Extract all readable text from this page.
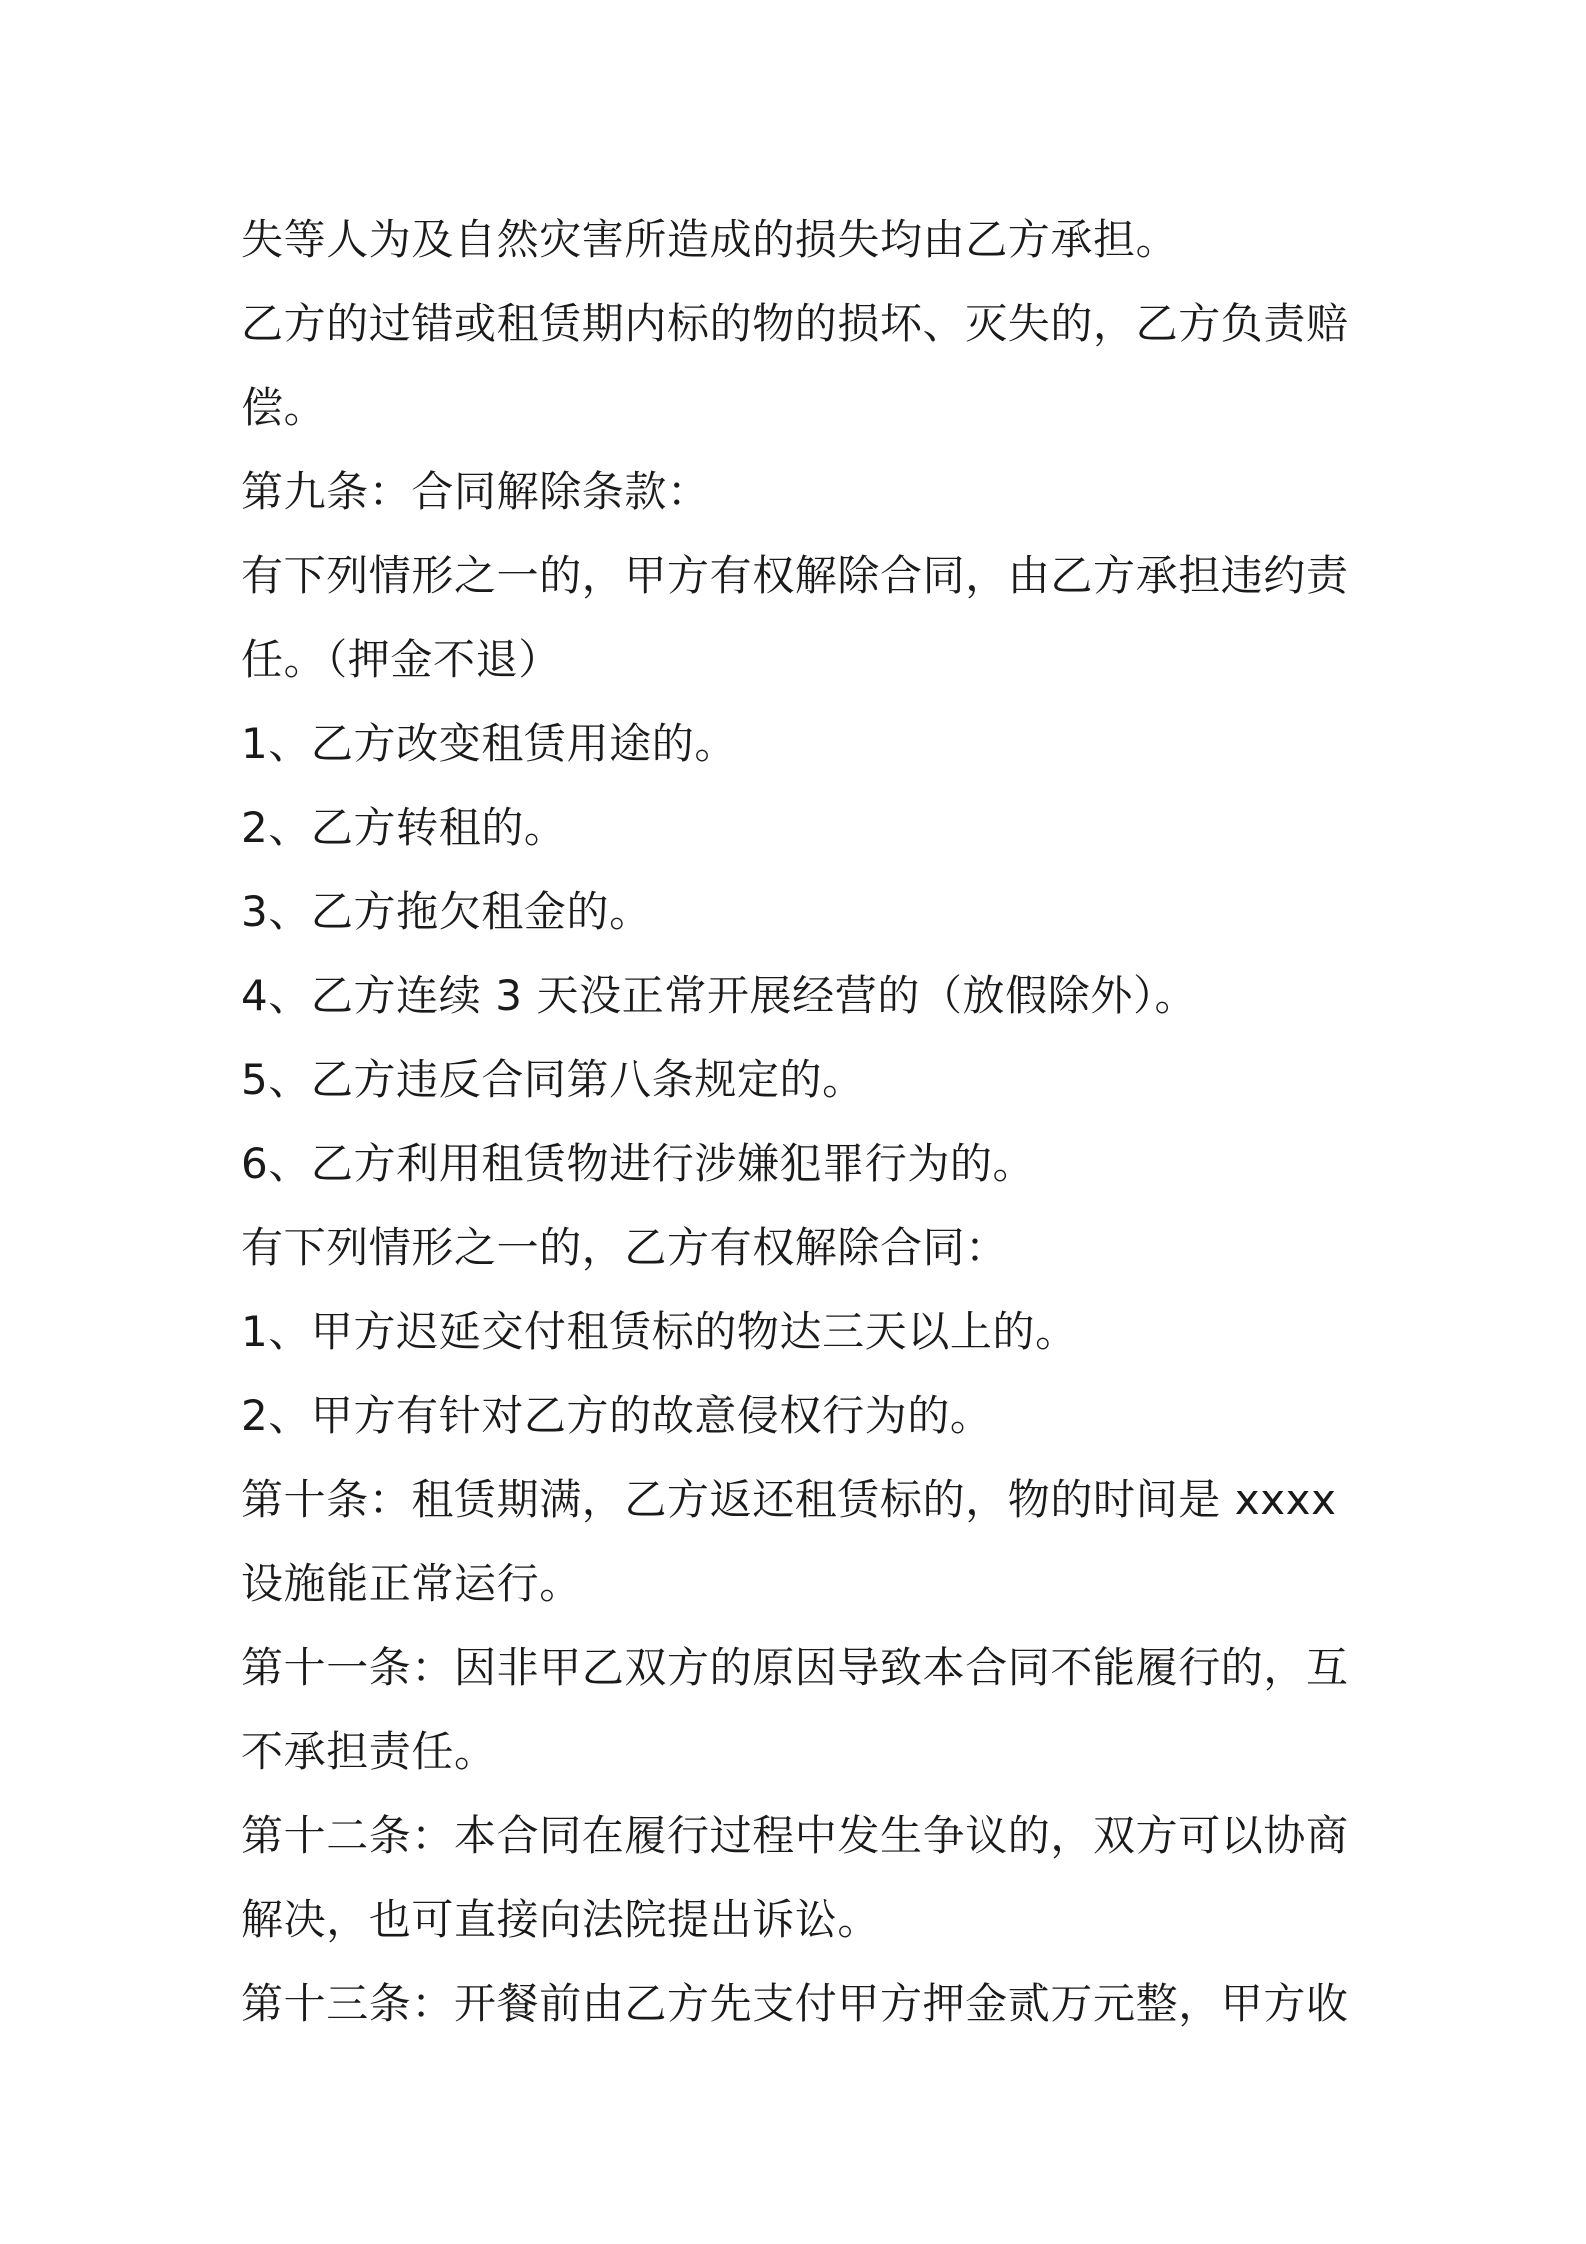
失等人为及自然灾害所造成的损失均由乙方承担。
乙方的过错或租赁期内标的物的损坏、灭失的，乙方负责赔
偿。
第九条：合同解除条款：
有下列情形之一的，甲方有权解除合同，由乙方承担违约责
任。（押金不退）
1、乙方改变租赁用途的。
2、乙方转租的。
3、乙方拖欠租金的。
4、乙方连续 3 天没正常开展经营的（放假除外）。
5、乙方违反合同第八条规定的。
6、乙方利用租赁物进行涉嫌犯罪行为的。
有下列情形之一的，乙方有权解除合同：
1、甲方迟延交付租赁标的物达三天以上的。
2、甲方有针对乙方的故意侵权行为的。
第十条：租赁期满，乙方返还租赁标的，物的时间是 xxxx
设施能正常运行。
第十一条：因非甲乙双方的原因导致本合同不能履行的，互
不承担责任。
第十二条：本合同在履行过程中发生争议的，双方可以协商
解决，也可直接向法院提出诉讼。
第十三条：开餐前由乙方先支付甲方押金贰万元整，甲方收
